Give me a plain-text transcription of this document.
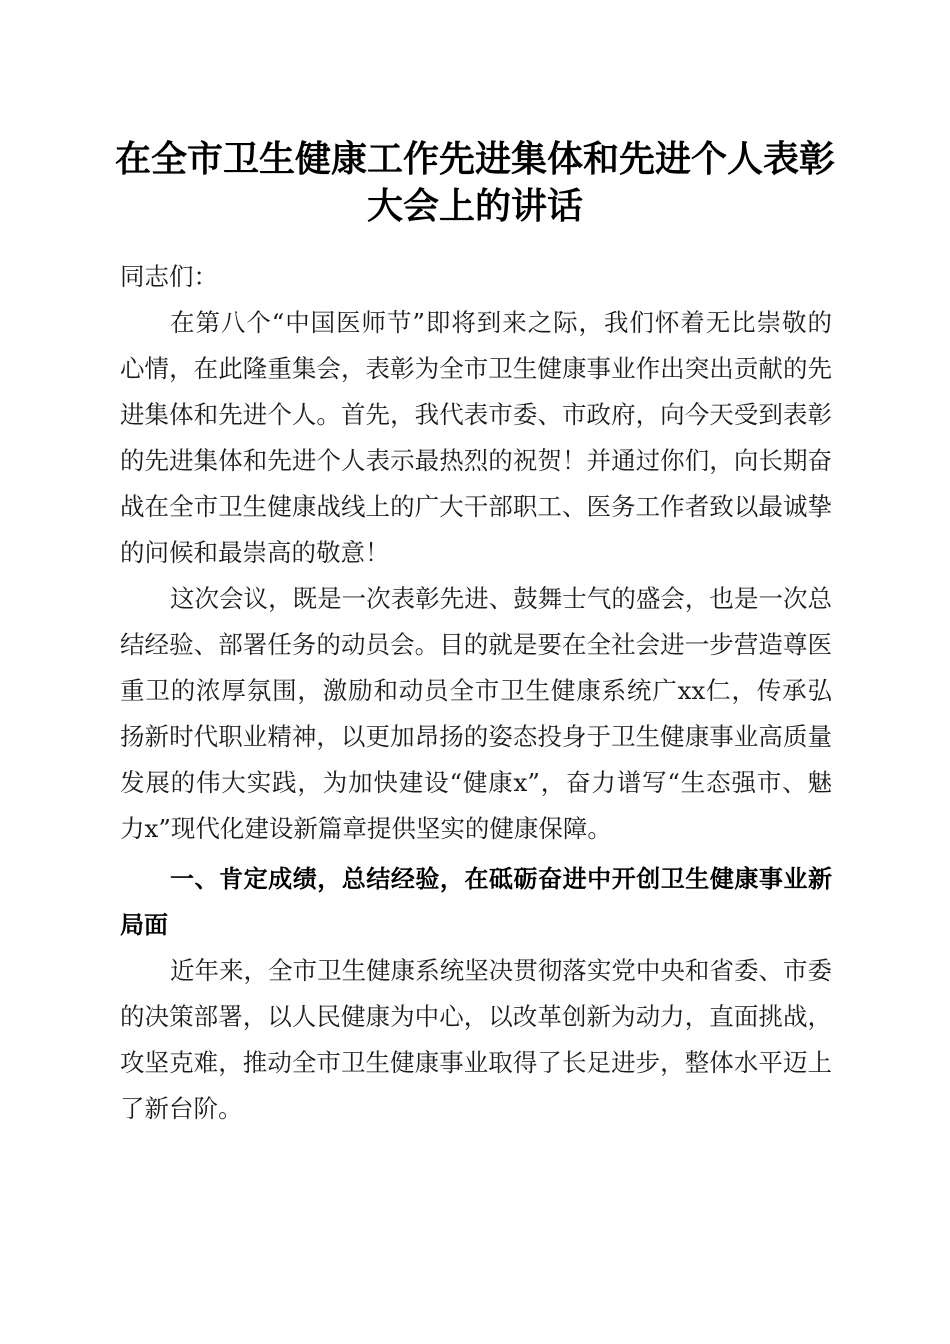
在全市卫生健康工作先进集体和先进个人表彰
大会上的讲话

同志们：

在第八个“中国医师节”即将到来之际，我们怀着无比崇敬的心情，在此隆重集会，表彰为全市卫生健康事业作出突出贡献的先进集体和先进个人。首先，我代表市委、市政府，向今天受到表彰的先进集体和先进个人表示最热烈的祝贺！并通过你们，向长期奋战在全市卫生健康战线上的广大干部职工、医务工作者致以最诚挚的问候和最崇高的敬意！

这次会议，既是一次表彰先进、鼓舞士气的盛会，也是一次总结经验、部署任务的动员会。目的就是要在全社会进一步营造尊医重卫的浓厚氛围，激励和动员全市卫生健康系统广xx仁，传承弘扬新时代职业精神，以更加昂扬的姿态投身于卫生健康事业高质量发展的伟大实践，为加快建设“健康x”，奋力谱写“生态强市、魅力x”现代化建设新篇章提供坚实的健康保障。

一、肯定成绩，总结经验，在砥砺奋进中开创卫生健康事业新局面

近年来，全市卫生健康系统坚决贯彻落实党中央和省委、市委的决策部署，以人民健康为中心，以改革创新为动力，直面挑战，攻坚克难，推动全市卫生健康事业取得了长足进步，整体水平迈上了新台阶。
